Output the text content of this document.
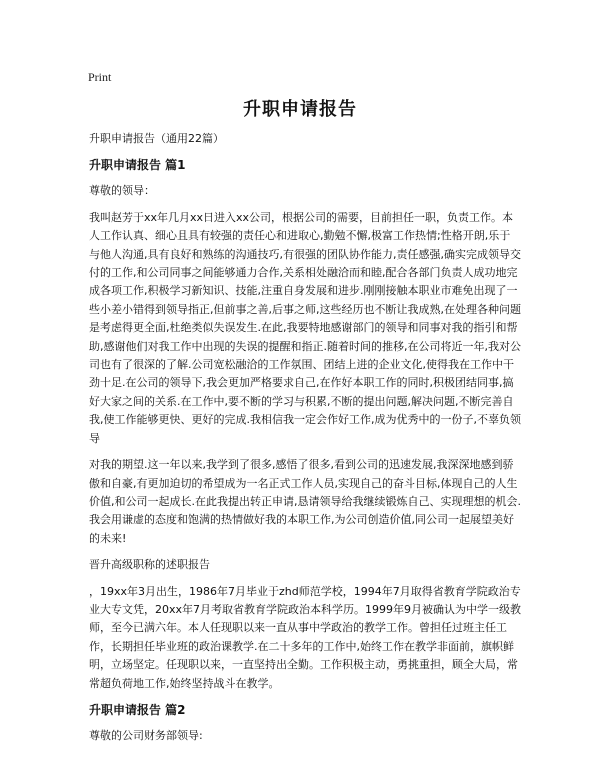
Print
升职申请报告

升职申请报告（通用22篇）

升职申请报告 篇1

尊敬的领导：

我叫赵芳于xx年几月xx日进入xx公司，根据公司的需要，目前担任一职，负责工作。本人工作认真、细心且具有较强的责任心和进取心,勤勉不懈,极富工作热情;性格开朗,乐于与他人沟通,具有良好和熟练的沟通技巧,有很强的团队协作能力,责任感强,确实完成领导交付的工作,和公司同事之间能够通力合作,关系相处融洽而和睦,配合各部门负责人成功地完成各项工作,积极学习新知识、技能,注重自身发展和进步.刚刚接触本职业市难免出现了一些小差小错得到领导指正,但前事之善,后事之师,这些经历也不断让我成熟,在处理各种问题是考虑得更全面,杜绝类似失误发生.在此,我要特地感谢部门的领导和同事对我的指引和帮助,感谢他们对我工作中出现的失误的提醒和指正.随着时间的推移,在公司将近一年,我对公司也有了很深的了解.公司宽松融洽的工作氛围、团结上进的企业文化,使得我在工作中干劲十足.在公司的领导下,我会更加严格要求自己,在作好本职工作的同时,积极团结同事,搞好大家之间的关系.在工作中,要不断的学习与积累,不断的提出问题,解决问题,不断完善自我,使工作能够更快、更好的完成.我相信我一定会作好工作,成为优秀中的一份子,不辜负领导

对我的期望.这一年以来,我学到了很多,感悟了很多,看到公司的迅速发展,我深深地感到骄傲和自豪,有更加迫切的希望成为一名正式工作人员,实现自己的奋斗目标,体现自己的人生价值,和公司一起成长.在此我提出转正申请,恳请领导给我继续锻炼自己、实现理想的机会.我会用谦虚的态度和饱满的热情做好我的本职工作,为公司创造价值,同公司一起展望美好的未来!

晋升高级职称的述职报告

，19xx年3月出生，1986年7月毕业于zhd师范学校，1994年7月取得省教育学院政治专业大专文凭，20xx年7月考取省教育学院政治本科学历。1999年9月被确认为中学一级教师，至今已满六年。本人任现职以来一直从事中学政治的教学工作。曾担任过班主任工作，长期担任毕业班的政治课教学.在二十多年的工作中,始终工作在教学非面前，旗帜鲜明，立场坚定。任现职以来，一直坚持出全勤。工作积极主动，勇挑重担，顾全大局，常常超负荷地工作,始终坚持战斗在教学。

升职申请报告 篇2

尊敬的公司财务部领导:
